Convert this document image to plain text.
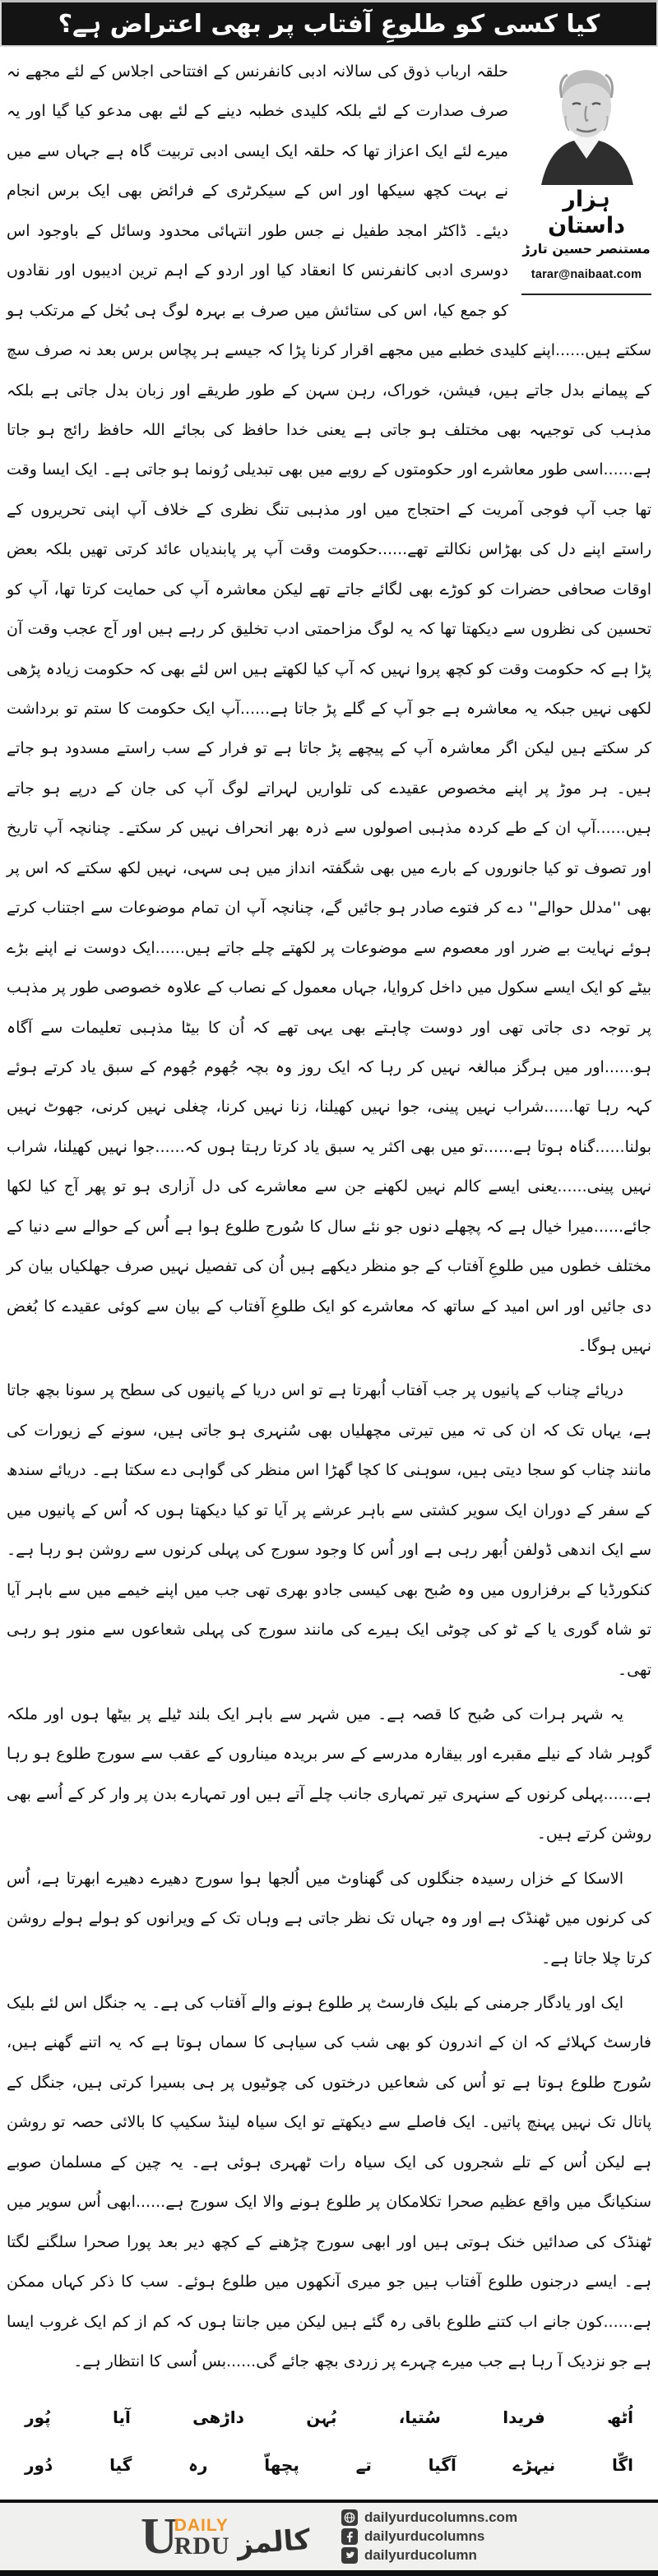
کیا کسی کو طلوعِ آفتاب پر بھی اعتراض ہے؟
ہزار داستان
مستنصر حسین تارڑ
tarar@naibaat.com

حلقہ ارباب ذوق کی سالانہ ادبی کانفرنس کے افتتاحی اجلاس کے لئے مجھے نہ صرف صدارت کے لئے بلکہ کلیدی خطبہ دینے کے لئے بھی مدعو کیا گیا اور یہ میرے لئے ایک اعزاز تھا کہ حلقہ ایک ایسی ادبی تربیت گاہ ہے جہاں سے میں نے بہت کچھ سیکھا اور اس کے سیکرٹری کے فرائض بھی ایک برس انجام دیئے۔ ڈاکٹر امجد طفیل نے جس طور انتہائی محدود وسائل کے باوجود اس دوسری ادبی کانفرنس کا انعقاد کیا اور اردو کے اہم ترین ادیبوں اور نقادوں کو جمع کیا، اس کی ستائش میں صرف بے بہرہ لوگ ہی بُخل کے مرتکب ہو سکتے ہیں......اپنے کلیدی خطبے میں مجھے اقرار کرنا پڑا کہ جیسے ہر پچاس برس بعد نہ صرف سچ کے پیمانے بدل جاتے ہیں، فیشن، خوراک، رہن سہن کے طور طریقے اور زبان بدل جاتی ہے بلکہ مذہب کی توجیہہ بھی مختلف ہو جاتی ہے یعنی خدا حافظ کی بجائے اللہ حافظ رائج ہو جاتا ہے......اسی طور معاشرے اور حکومتوں کے رویے میں بھی تبدیلی رُونما ہو جاتی ہے۔ ایک ایسا وقت تھا جب آپ فوجی آمریت کے احتجاج میں اور مذہبی تنگ نظری کے خلاف آپ اپنی تحریروں کے راستے اپنے دل کی بھڑاس نکالتے تھے......حکومت وقت آپ پر پابندیاں عائد کرتی تھیں بلکہ بعض اوقات صحافی حضرات کو کوڑے بھی لگائے جاتے تھے لیکن معاشرہ آپ کی حمایت کرتا تھا، آپ کو تحسین کی نظروں سے دیکھتا تھا کہ یہ لوگ مزاحمتی ادب تخلیق کر رہے ہیں اور آج عجب وقت آن پڑا ہے کہ حکومت وقت کو کچھ پروا نہیں کہ آپ کیا لکھتے ہیں اس لئے بھی کہ حکومت زیادہ پڑھی لکھی نہیں جبکہ یہ معاشرہ ہے جو آپ کے گلے پڑ جاتا ہے......آپ ایک حکومت کا ستم تو برداشت کر سکتے ہیں لیکن اگر معاشرہ آپ کے پیچھے پڑ جاتا ہے تو فرار کے سب راستے مسدود ہو جاتے ہیں۔ ہر موڑ پر اپنے مخصوص عقیدے کی تلواریں لہراتے لوگ آپ کی جان کے درپے ہو جاتے ہیں......آپ ان کے طے کردہ مذہبی اصولوں سے ذرہ بھر انحراف نہیں کر سکتے۔ چنانچہ آپ تاریخ اور تصوف تو کیا جانوروں کے بارے میں بھی شگفتہ انداز میں ہی سہی، نہیں لکھ سکتے کہ اس پر بھی ''مدلل حوالے'' دے کر فتوے صادر ہو جائیں گے، چنانچہ آپ ان تمام موضوعات سے اجتناب کرتے ہوئے نہایت بے ضرر اور معصوم سے موضوعات پر لکھتے چلے جاتے ہیں......ایک دوست نے اپنے بڑے بیٹے کو ایک ایسے سکول میں داخل کروایا، جہاں معمول کے نصاب کے علاوہ خصوصی طور پر مذہب پر توجہ دی جاتی تھی اور دوست چاہتے بھی یہی تھے کہ اُن کا بیٹا مذہبی تعلیمات سے آگاہ ہو......اور میں ہرگز مبالغہ نہیں کر رہا کہ ایک روز وہ بچہ جُھوم جُھوم کے سبق یاد کرتے ہوئے کہہ رہا تھا......شراب نہیں پینی، جوا نہیں کھیلنا، زنا نہیں کرنا، چغلی نہیں کرنی، جھوٹ نہیں بولنا......گناہ ہوتا ہے......تو میں بھی اکثر یہ سبق یاد کرتا رہتا ہوں کہ......جوا نہیں کھیلنا، شراب نہیں پینی......یعنی ایسے کالم نہیں لکھنے جن سے معاشرے کی دل آزاری ہو تو پھر آج کیا لکھا جائے......میرا خیال ہے کہ پچھلے دنوں جو نئے سال کا سُورج طلوع ہوا ہے اُس کے حوالے سے دنیا کے مختلف خطوں میں طلوعِ آفتاب کے جو منظر دیکھے ہیں اُن کی تفصیل نہیں صرف جھلکیاں بیان کر دی جائیں اور اس امید کے ساتھ کہ معاشرے کو ایک طلوعِ آفتاب کے بیان سے کوئی عقیدے کا بُغض نہیں ہوگا۔

دریائے چناب کے پانیوں پر جب آفتاب اُبھرتا ہے تو اس دریا کے پانیوں کی سطح پر سونا بچھ جاتا ہے، یہاں تک کہ ان کی تہ میں تیرتی مچھلیاں بھی سُنہری ہو جاتی ہیں، سونے کے زیورات کی مانند چناب کو سجا دیتی ہیں، سوہنی کا کچا گھڑا اس منظر کی گواہی دے سکتا ہے۔ دریائے سندھ کے سفر کے دوران ایک سویر کشتی سے باہر عرشے پر آیا تو کیا دیکھتا ہوں کہ اُس کے پانیوں میں سے ایک اندھی ڈولفن اُبھر رہی ہے اور اُس کا وجود سورج کی پہلی کرنوں سے روشن ہو رہا ہے۔ کنکورڈیا کے برفزاروں میں وہ صُبح بھی کیسی جادو بھری تھی جب میں اپنے خیمے میں سے باہر آیا تو شاہ گوری یا کے ٹو کی چوٹی ایک ہیرے کی مانند سورج کی پہلی شعاعوں سے منور ہو رہی تھی۔

یہ شہر ہرات کی صُبح کا قصہ ہے۔ میں شہر سے باہر ایک بلند ٹیلے پر بیٹھا ہوں اور ملکہ گوہر شاد کے نیلے مقبرے اور بیقارہ مدرسے کے سر بریدہ میناروں کے عقب سے سورج طلوع ہو رہا ہے......پہلی کرنوں کے سنہری تیر تمہاری جانب چلے آتے ہیں اور تمہارے بدن پر وار کر کے اُسے بھی روشن کرتے ہیں۔

الاسکا کے خزاں رسیدہ جنگلوں کی گھناوٹ میں اُلجھا ہوا سورج دھیرے دھیرے ابھرتا ہے، اُس کی کرنوں میں ٹھنڈک ہے اور وہ جہاں تک نظر جاتی ہے وہاں تک کے ویرانوں کو ہولے ہولے روشن کرتا چلا جاتا ہے۔

ایک اور یادگار جرمنی کے بلیک فارسٹ پر طلوع ہونے والے آفتاب کی ہے۔ یہ جنگل اس لئے بلیک فارسٹ کہلائے کہ ان کے اندرون کو بھی شب کی سیاہی کا سماں ہوتا ہے کہ یہ اتنے گھنے ہیں، سُورج طلوع ہوتا ہے تو اُس کی شعاعیں درختوں کی چوٹیوں پر ہی بسیرا کرتی ہیں، جنگل کے پاتال تک نہیں پہنچ پاتیں۔ ایک فاصلے سے دیکھتے تو ایک سیاہ لینڈ سکیپ کا بالائی حصہ تو روشن ہے لیکن اُس کے تلے شجروں کی ایک سیاہ رات ٹھہری ہوئی ہے۔ یہ چین کے مسلمان صوبے سنکیانگ میں واقع عظیم صحرا تکلامکان پر طلوع ہونے والا ایک سورج ہے......ابھی اُس سویر میں ٹھنڈک کی صدائیں خنک ہوتی ہیں اور ابھی سورج چڑھنے کے کچھ دیر بعد پورا صحرا سلگنے لگتا ہے۔ ایسے درجنوں طلوع آفتاب ہیں جو میری آنکھوں میں طلوع ہوئے۔ سب کا ذکر کہاں ممکن ہے......کون جانے اب کتنے طلوع باقی رہ گئے ہیں لیکن میں جانتا ہوں کہ کم از کم ایک غروب ایسا ہے جو نزدیک آ رہا ہے جب میرے چہرے پر زردی بچھ جائے گی......بس اُسی کا انتظار ہے۔

اُٹھ
فریدا
سُتیا،
بُہن
داڑھی
آیا
پُور
اگّا
نیہڑے
آگیا
تے
پچھاّ
رہ
گیا
دُور
U
DAILY
RDU کالمز
dailyurducolumns.com
dailyurducolumns
dailyurducolumn
